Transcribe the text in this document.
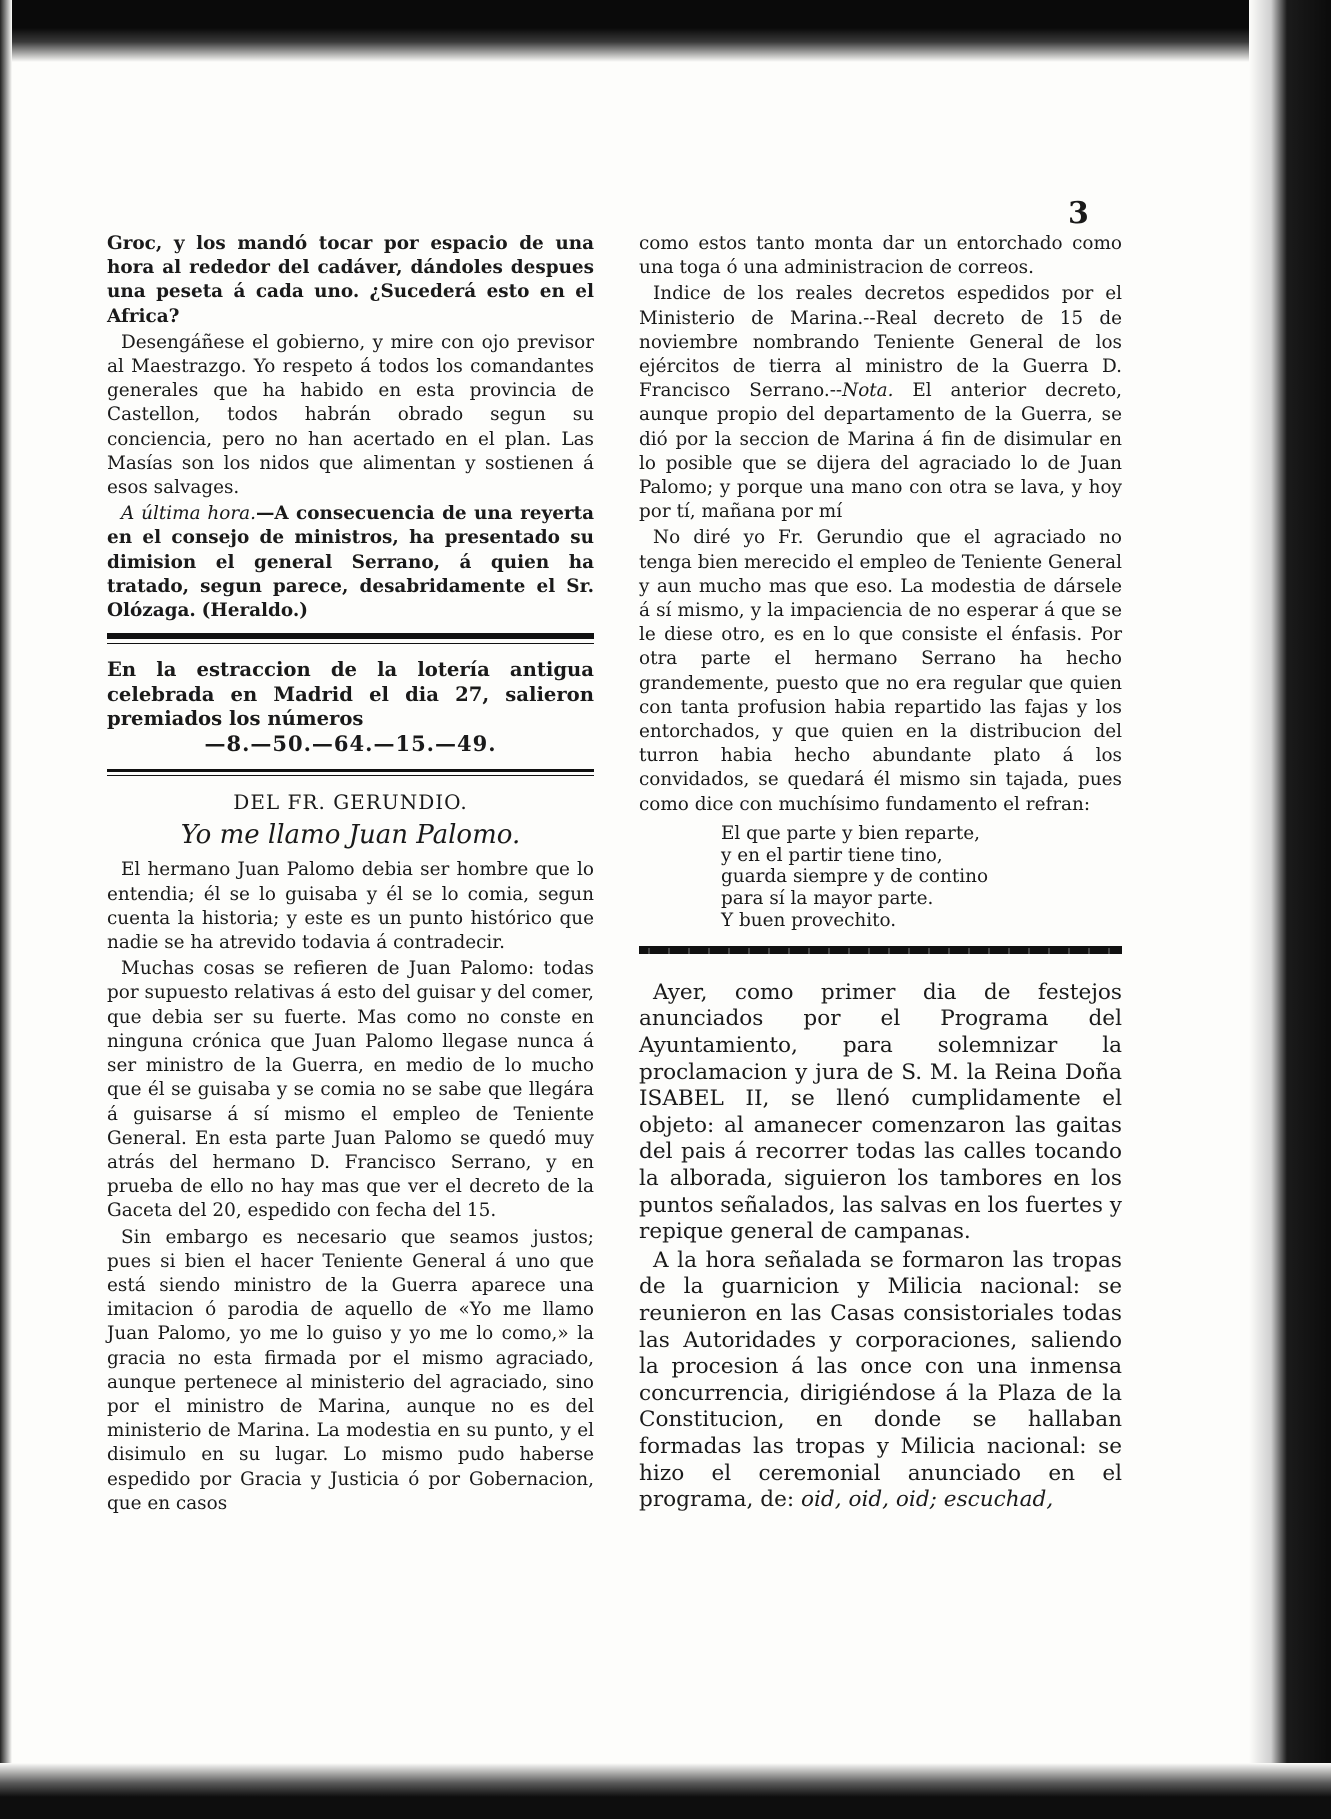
3

Groc, y los mandó tocar por espacio de una hora al rededor del cadáver, dándoles despues una peseta á cada uno. ¿Sucederá esto en el Africa?

Desengáñese el gobierno, y mire con ojo previsor al Maestrazgo. Yo respeto á todos los comandantes generales que ha habido en esta provincia de Castellon, todos habrán obrado segun su conciencia, pero no han acertado en el plan. Las Masías son los nidos que alimentan y sostienen á esos salvages.

A última hora.—A consecuencia de una reyerta en el consejo de ministros, ha presentado su dimision el general Serrano, á quien ha tratado, segun parece, desabridamente el Sr. Olózaga. (Heraldo.)

En la estraccion de la lotería antigua celebrada en Madrid el dia 27, salieron premiados los números

—8.—50.—64.—15.—49.

DEL FR. GERUNDIO.
Yo me llamo Juan Palomo.

El hermano Juan Palomo debia ser hombre que lo entendia; él se lo guisaba y él se lo comia, segun cuenta la historia; y este es un punto histórico que nadie se ha atrevido todavia á contradecir.

Muchas cosas se refieren de Juan Palomo: todas por supuesto relativas á esto del guisar y del comer, que debia ser su fuerte. Mas como no conste en ninguna crónica que Juan Palomo llegase nunca á ser ministro de la Guerra, en medio de lo mucho que él se guisaba y se comia no se sabe que llegára á guisarse á sí mismo el empleo de Teniente General. En esta parte Juan Palomo se quedó muy atrás del hermano D. Francisco Serrano, y en prueba de ello no hay mas que ver el decreto de la Gaceta del 20, espedido con fecha del 15.

Sin embargo es necesario que seamos justos; pues si bien el hacer Teniente General á uno que está siendo ministro de la Guerra aparece una imitacion ó parodia de aquello de «Yo me llamo Juan Palomo, yo me lo guiso y yo me lo como,» la gracia no esta firmada por el mismo agraciado, aunque pertenece al ministerio del agraciado, sino por el ministro de Marina, aunque no es del ministerio de Marina. La modestia en su punto, y el disimulo en su lugar. Lo mismo pudo haberse espedido por Gracia y Justicia ó por Gobernacion, que en casos

como estos tanto monta dar un entorchado como una toga ó una administracion de correos.

Indice de los reales decretos espedidos por el Ministerio de Marina.--Real decreto de 15 de noviembre nombrando Teniente General de los ejércitos de tierra al ministro de la Guerra D. Francisco Serrano.--Nota. El anterior decreto, aunque propio del departamento de la Guerra, se dió por la seccion de Marina á fin de disimular en lo posible que se dijera del agraciado lo de Juan Palomo; y porque una mano con otra se lava, y hoy por tí, mañana por mí

No diré yo Fr. Gerundio que el agraciado no tenga bien merecido el empleo de Teniente General y aun mucho mas que eso. La modestia de dársele á sí mismo, y la impaciencia de no esperar á que se le diese otro, es en lo que consiste el énfasis. Por otra parte el hermano Serrano ha hecho grandemente, puesto que no era regular que quien con tanta profusion habia repartido las fajas y los entorchados, y que quien en la distribucion del turron habia hecho abundante plato á los convidados, se quedará él mismo sin tajada, pues como dice con muchísimo fundamento el refran:

El que parte y bien reparte,
y en el partir tiene tino,
guarda siempre y de contino
para sí la mayor parte.
Y buen provechito.

Ayer, como primer dia de festejos anunciados por el Programa del Ayuntamiento, para solemnizar la proclamacion y jura de S. M. la Reina Doña ISABEL II, se llenó cumplidamente el objeto: al amanecer comenzaron las gaitas del pais á recorrer todas las calles tocando la alborada, siguieron los tambores en los puntos señalados, las salvas en los fuertes y repique general de campanas.

A la hora señalada se formaron las tropas de la guarnicion y Milicia nacional: se reunieron en las Casas consistoriales todas las Autoridades y corporaciones, saliendo la procesion á las once con una inmensa concurrencia, dirigiéndose á la Plaza de la Constitucion, en donde se hallaban formadas las tropas y Milicia nacional: se hizo el ceremonial anunciado en el programa, de: oid, oid, oid; escuchad,
